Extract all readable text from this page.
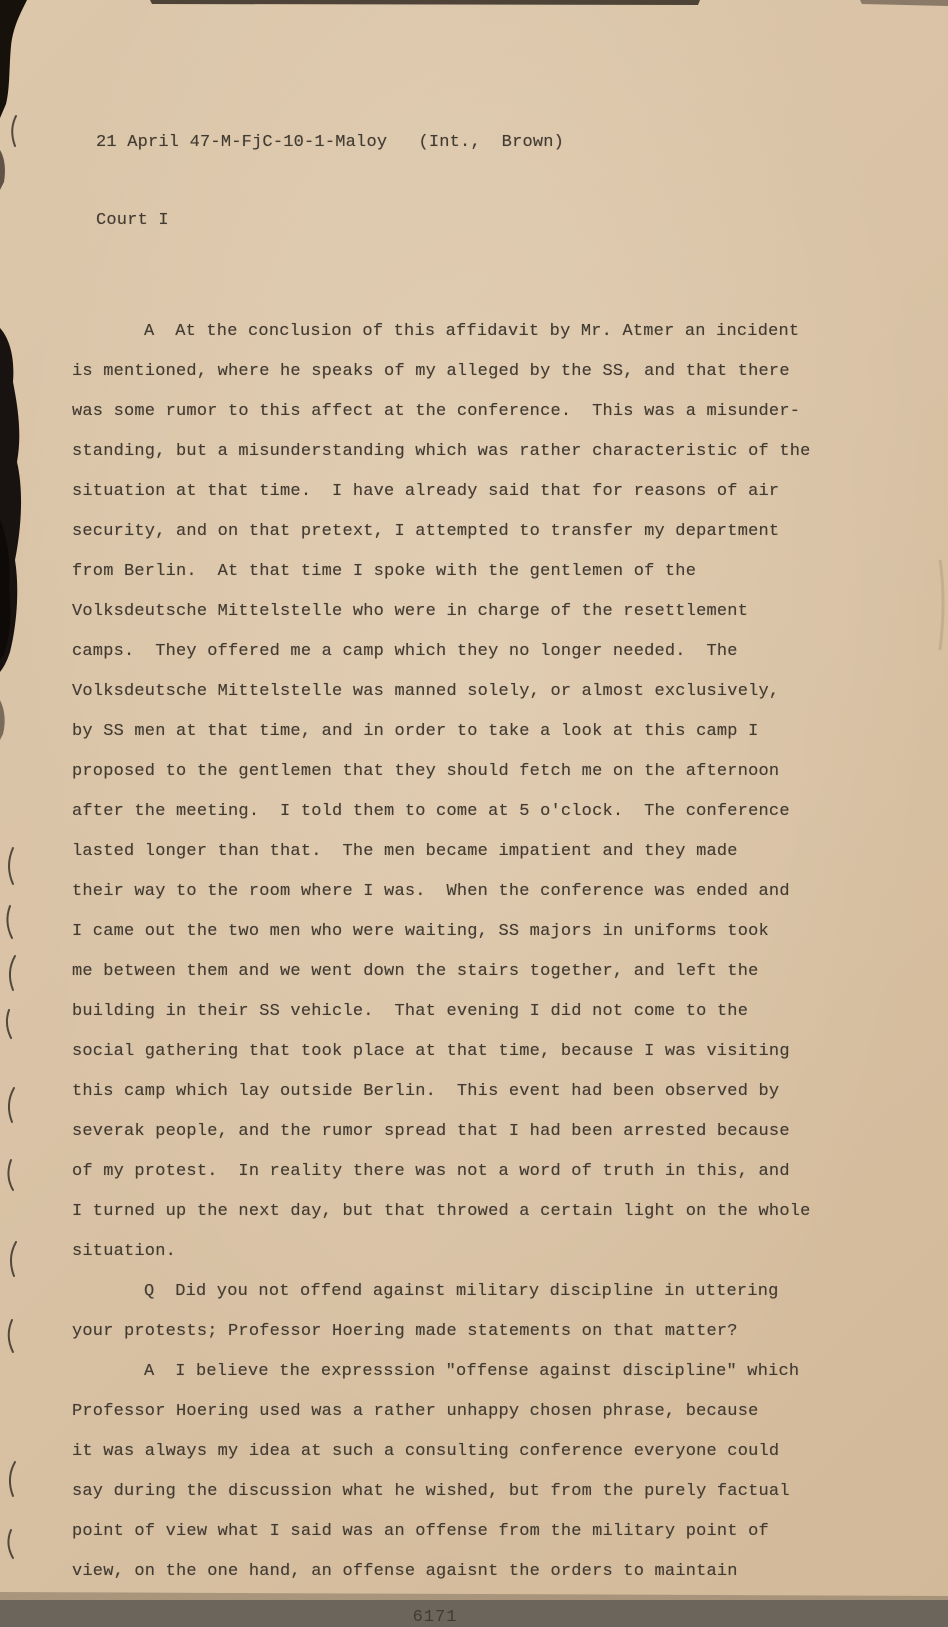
21 April 47-M-FjC-10-1-Maloy   (Int.,  Brown)

Court I

A  At the conclusion of this affidavit by Mr. Atmer an incident
is mentioned, where he speaks of my alleged by the SS, and that there
was some rumor to this affect at the conference.  This was a misunder-
standing, but a misunderstanding which was rather characteristic of the
situation at that time.  I have already said that for reasons of air
security, and on that pretext, I attempted to transfer my department
from Berlin.  At that time I spoke with the gentlemen of the
Volksdeutsche Mittelstelle who were in charge of the resettlement
camps.  They offered me a camp which they no longer needed.  The
Volksdeutsche Mittelstelle was manned solely, or almost exclusively,
by SS men at that time, and in order to take a look at this camp I
proposed to the gentlemen that they should fetch me on the afternoon
after the meeting.  I told them to come at 5 o'clock.  The conference
lasted longer than that.  The men became impatient and they made
their way to the room where I was.  When the conference was ended and
I came out the two men who were waiting, SS majors in uniforms took
me between them and we went down the stairs together, and left the
building in their SS vehicle.  That evening I did not come to the
social gathering that took place at that time, because I was visiting
this camp which lay outside Berlin.  This event had been observed by
severak people, and the rumor spread that I had been arrested because
of my protest.  In reality there was not a word of truth in this, and
I turned up the next day, but that throwed a certain light on the whole
situation.
Q  Did you not offend against military discipline in uttering
your protests; Professor Hoering made statements on that matter?
A  I believe the expresssion "offense against discipline" which
Professor Hoering used was a rather unhappy chosen phrase, because
it was always my idea at such a consulting conference everyone could
say during the discussion what he wished, but from the purely factual
point of view what I said was an offense from the military point of
view, on the one hand, an offense agaisnt the orders to maintain
6171
